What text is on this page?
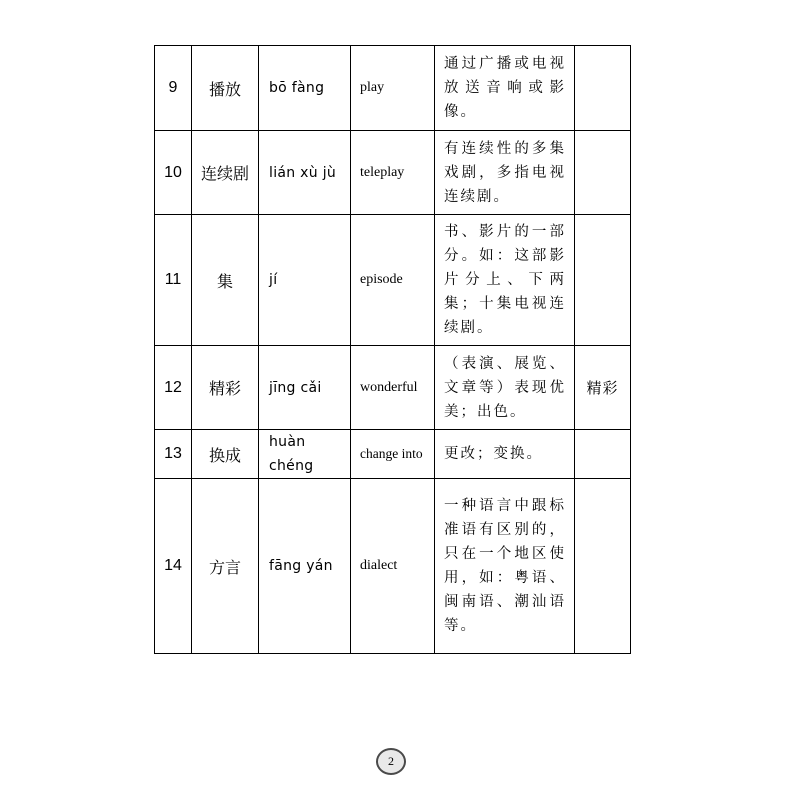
9	播放	bō fàng	play	通过广播或电视放送音响或影像。	
10	连续剧	lián xù jù	teleplay	有连续性的多集戏剧，多指电视连续剧。	
11	集	jí	episode	书、影片的一部分。如：这部影片分上、下两集；十集电视连续剧。	
12	精彩	jīng cǎi	wonderful	（表演、展览、文章等）表现优美；出色。	精彩
13	换成	huàn chéng	change into	更改；变换。	
14	方言	fāng yán	dialect	一种语言中跟标准语有区别的，只在一个地区使用，如：粤语、闽南语、潮汕语等。	
2
